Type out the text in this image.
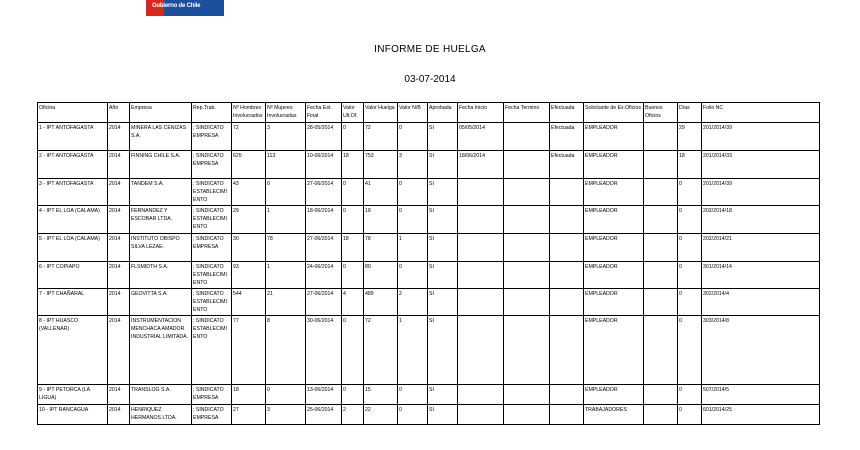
Gobierno de Chile
INFORME DE HUELGA
03-07-2014
Oficina	Año	Empresa	Rep.Trab.	Nº Hombres Involucrados	Nº Mujeres Involucradas	Fecha Est. Final	Valor Ult.Of.	Valor Huelga	Valor N/B	Aprobada	Fecha Inicio	Fecha Termino	Efectuada	Solicitante de Ex.Oficios	Buenos Oficios	Días	Folio NC
1 - IPT ANTOFAGASTA	2014	MINERA LAS CENIZAS S.A.	; SINDICATO EMPRESA	72	3	28-05/2014	0	72	0	SI	05/05/2014		Efectuada	EMPLEADOR		29	201/2014/39
2 - IPT ANTOFAGASTA	2014	FINNING CHILE S.A.	; SINDICATO EMPRESA	625	113	10-06/2014	18	753	3	SI	18/06/2014		Efectuada	EMPLEADOR		18	201/2014/33
3 - IPT ANTOFAGASTA	2014	TANDEM S.A.	; SINDICATO ESTABLECIMIENTO	43	0	27-06/2014	0	41	0	SI				EMPLEADOR		0	201/2014/39
4 - IPT EL LOA (CALAMA)	2014	FERNANDEZ Y ESCOBAR LTDA.	; SINDICATO ESTABLECIMIENTO	29	1	18-06/2014	0	18	0	SI				EMPLEADOR		0	202/2014/18
5 - IPT EL LOA (CALAMA)	2014	INSTITUTO OBISPO SILVA LEZAE.	; SINDICATO EMPRESA	30	78	27-06/2014	18	78	1	SI				EMPLEADOR		0	202/2014/21
6 - IPT COPIAPO	2014	FLSMIDTH S.A.	; SINDICATO ESTABLECIMIENTO	93	1	24-06/2014	0	80	0	SI				EMPLEADOR		0	301/2014/14
7 - IPT CHAÑARAL	2014	GEOVITTA S.A.	; SINDICATO ESTABLECIMIENTO	544	21	27-06/2014	4	489	2	SI				EMPLEADOR		0	302/2014/4
8 - IPT HUASCO (VALLENAR)	2014	INSTRUMENTACION MENCHACA AMADOR INDUSTRIAL LIMITADA.	; SINDICATO ESTABLECIMIENTO	77	8	30-06/2014	0	72	1	SI				EMPLEADOR		0	303/2014/8
9 - IPT PETORCA (LA LIGUA)	2014	TRANSLOG S.A.	; SINDICATO EMPRESA	18	0	13-06/2014	0	15	0	SI				EMPLEADOR		0	507/2014/5
10 - IPT RANCAGUA	2014	HENRIQUEZ HERMANOS LTDA.	; SINDICATO EMPRESA	27	3	25-06/2014	2	22	0	SI				TRABAJADORES		0	601/2014/25
